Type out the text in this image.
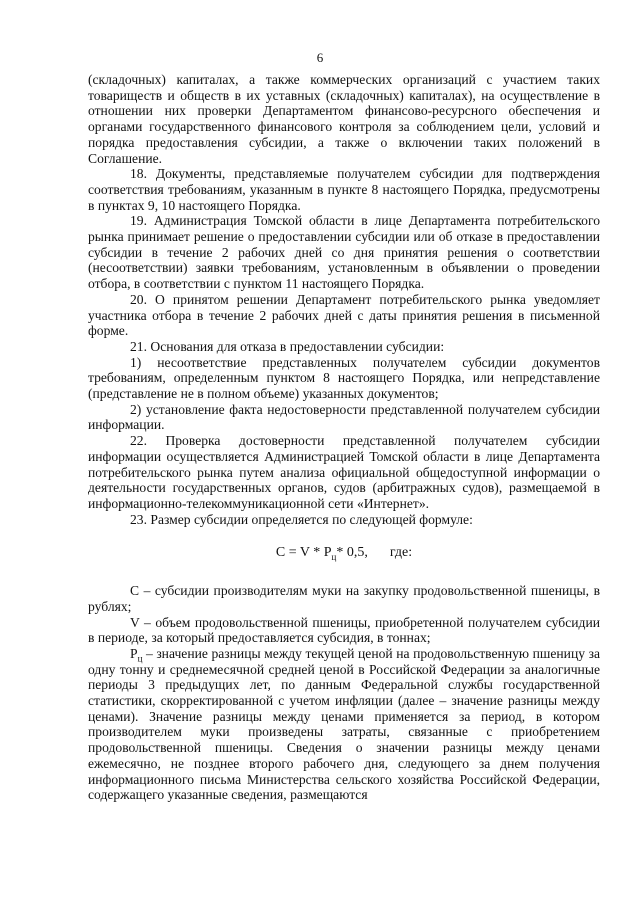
6

(складочных) капиталах, а также коммерческих организаций с участием таких товариществ и обществ в их уставных (складочных) капиталах), на осуществление в отношении них проверки Департаментом финансово-ресурсного обеспечения и органами государственного финансового контроля за соблюдением цели, условий и порядка предоставления субсидии, а также о включении таких положений в Соглашение.

18. Документы, представляемые получателем субсидии для подтверждения соответствия требованиям, указанным в пункте 8 настоящего Порядка, предусмотрены в пунктах 9, 10 настоящего Порядка.

19. Администрация Томской области в лице Департамента потребительского рынка принимает решение о предоставлении субсидии или об отказе в предоставлении субсидии в течение 2 рабочих дней со дня принятия решения о соответствии (несоответствии) заявки требованиям, установленным в объявлении о проведении отбора, в соответствии с пунктом 11 настоящего Порядка.

20. О принятом решении Департамент потребительского рынка уведомляет участника отбора в течение 2 рабочих дней с даты принятия решения в письменной форме.

21. Основания для отказа в предоставлении субсидии:

1) несоответствие представленных получателем субсидии документов требованиям, определенным пунктом 8 настоящего Порядка, или непредставление (представление не в полном объеме) указанных документов;

2) установление факта недостоверности представленной получателем субсидии информации.

22. Проверка достоверности представленной получателем субсидии информации осуществляется Администрацией Томской области в лице Департамента потребительского рынка путем анализа официальной общедоступной информации о деятельности государственных органов, судов (арбитражных судов), размещаемой в информационно-телекоммуникационной сети «Интернет».

23. Размер субсидии определяется по следующей формуле:

$C = V * P_ц*$ 0,5, где:

C – субсидии производителям муки на закупку продовольственной пшеницы, в рублях;

V – объем продовольственной пшеницы, приобретенной получателем субсидии в периоде, за который предоставляется субсидия, в тоннах;

$P_ц$ – значение разницы между текущей ценой на продовольственную пшеницу за одну тонну и среднемесячной средней ценой в Российской Федерации за аналогичные периоды 3 предыдущих лет, по данным Федеральной службы государственной статистики, скорректированной с учетом инфляции (далее – значение разницы между ценами). Значение разницы между ценами применяется за период, в котором производителем муки произведены затраты, связанные с приобретением продовольственной пшеницы. Сведения о значении разницы между ценами ежемесячно, не позднее второго рабочего дня, следующего за днем получения информационного письма Министерства сельского хозяйства Российской Федерации, содержащего указанные сведения, размещаются
